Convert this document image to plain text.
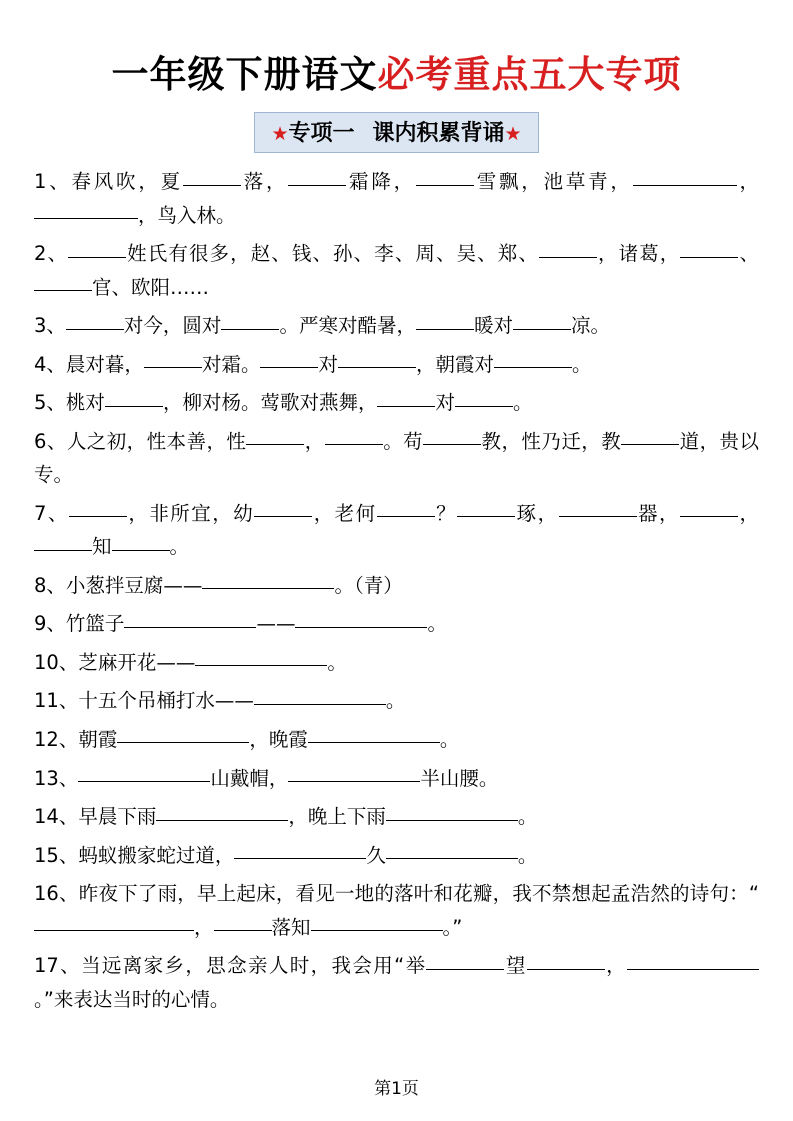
一年级下册语文必考重点五大专项
★专项一 课内积累背诵★

1、春风吹，夏	落，	霜降，	雪飘，池草青，	， ，鸟入林。

2、	姓氏有很多，赵、钱、孙、李、周、吴、郑、	，诸葛，	、 官、欧阳……

3、	对今，圆对	。严寒对酷暑，	暖对	凉。

4、晨对暮，	对霜。	对	，朝霞对	。

5、桃对	，柳对杨。莺歌对燕舞，	对	。

6、人之初，性本善，性	，	。苟	教，性乃迁，教	道，贵以专。

7、	，非所宜，幼	，老何	？	琢，	器，	， 知	。

8、小葱拌豆腐——	。（青）

9、竹篮子	——	。

10、芝麻开花——	。

11、十五个吊桶打水——	。

12、朝霞	，晚霞	。

13、	山戴帽，	半山腰。

14、早晨下雨	，晚上下雨	。

15、蚂蚁搬家蛇过道，	久	。

16、昨夜下了雨，早上起床，看见一地的落叶和花瓣，我不禁想起孟浩然的诗句：“ ，	落知	。”

17、当远离家乡，思念亲人时，我会用“举	望	， 。”来表达当时的心情。

第1页
